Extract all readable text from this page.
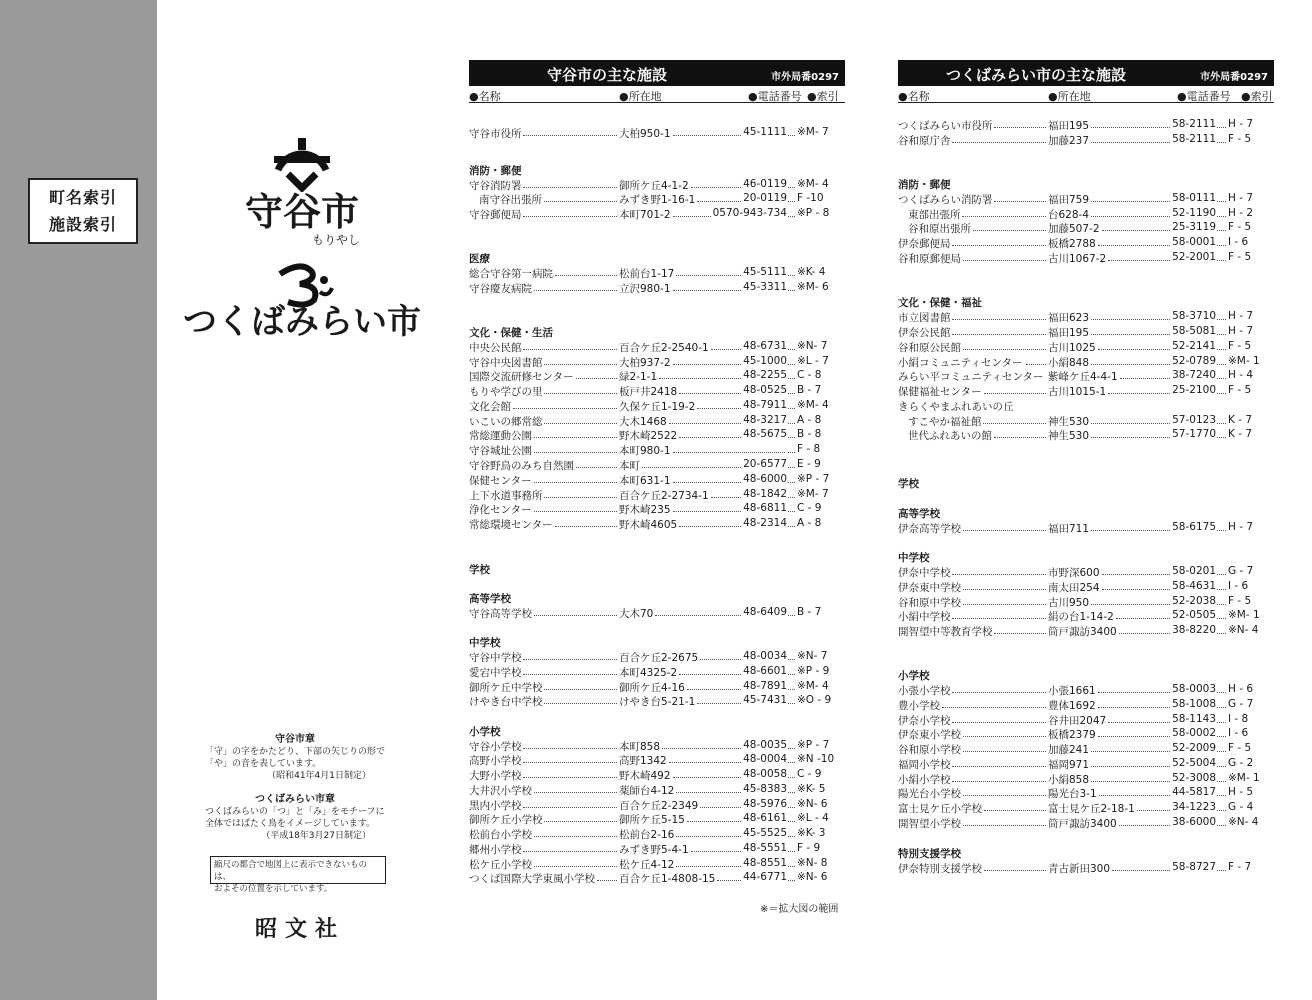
町名索引
施設索引	守谷市
もりやし
つくばみらい市

守谷市章

「守」の字をかたどり、下部の矢じりの形で

「や」の音を表しています。

（昭和41年4月1日制定）

つくばみらい市章

つくばみらいの「つ」と「み」をモチーフに

全体ではばたく鳥をイメージしています。

（平成18年3月27日制定）

縮尺の都合で地図上に表示できないものは、
およその位置を示しています。
昭文社
守谷市の主な施設	市外局番0297
●名称	●所在地	●電話番号 ●索引
守谷市役所	大柏950-1	45-1111 ※M- 7
消防・郵便
守谷消防署	御所ケ丘4-1-2	46-0119 ※M- 4
南守谷出張所	みずき野1-16-1	20-0119 F -10
守谷郵便局	本町701-2	0570-943-734 ※P - 8
医療
総合守谷第一病院	松前台1-17	45-5111 ※K- 4
守谷慶友病院	立沢980-1	45-3311 ※M- 6
文化・保健・生活
中央公民館	百合ケ丘2-2540-1	48-6731 ※N- 7
守谷中央図書館	大柏937-2	45-1000 ※L - 7
国際交流研修センター	緑2-1-1	48-2255 C - 8
もりや学びの里	板戸井2418	48-0525 B - 7
文化会館	久保ケ丘1-19-2	48-7911 ※M- 4
いこいの郷常総	大木1468	48-3217 A - 8
常総運動公園	野木崎2522	48-5675 B - 8
守谷城址公園	本町980-1	F - 8
守谷野鳥のみち自然園	本町	20-6577 E - 9
保健センター	本町631-1	48-6000 ※P - 7
上下水道事務所	百合ケ丘2-2734-1	48-1842 ※M- 7
浄化センター	野木崎235	48-6811 C - 9
常総環境センター	野木崎4605	48-2314 A - 8
学校
高等学校
守谷高等学校	大木70	48-6409 B - 7
中学校
守谷中学校	百合ケ丘2-2675	48-0034 ※N- 7
愛宕中学校	本町4325-2	48-6601 ※P - 9
御所ケ丘中学校	御所ケ丘4-16	48-7891 ※M- 4
けやき台中学校	けやき台5-21-1	45-7431 ※O - 9
小学校
守谷小学校	本町858	48-0035 ※P - 7
高野小学校	高野1342	48-0004 ※N -10
大野小学校	野木崎492	48-0058 C - 9
大井沢小学校	薬師台4-12	45-8383 ※K- 5
黒内小学校	百合ケ丘2-2349	48-5976 ※N- 6
御所ケ丘小学校	御所ケ丘5-15	48-6161 ※L - 4
松前台小学校	松前台2-16	45-5525 ※K- 3
郷州小学校	みずき野5-4-1	48-5551 F - 9
松ケ丘小学校	松ケ丘4-12	48-8551 ※N- 8
つくば国際大学東風小学校 百合ケ丘1-4808-15	44-6771 ※N- 6
つくばみらい市の主な施設	市外局番0297
●名称	●所在地	●電話番号 ●索引
つくばみらい市役所	福田195	58-2111 H - 7
谷和原庁舎	加藤237	58-2111 F - 5
消防・郵便
つくばみらい消防署	福田759	58-0111 H - 7
東部出張所	台628-4	52-1190 H - 2
谷和原出張所	加藤507-2	25-3119 F - 5
伊奈郵便局	板橋2788	58-0001 I - 6
谷和原郵便局	古川1067-2	52-2001 F - 5
文化・保健・福祉
市立図書館	福田623	58-3710 H - 7
伊奈公民館	福田195	58-5081 H - 7
谷和原公民館	古川1025	52-2141 F - 5
小絹コミュニティセンター 小絹848	52-0789 ※M- 1
みらい平コミュニティセンター 紫峰ケ丘4-4-1	38-7240 H - 4
保健福祉センター	古川1015-1	25-2100 F - 5
きらくやまふれあいの丘
すこやか福祉館	神生530	57-0123 K - 7
世代ふれあいの館	神生530	57-1770 K - 7
学校
高等学校
伊奈高等学校	福田711	58-6175 H - 7
中学校
伊奈中学校	市野深600	58-0201 G - 7
伊奈東中学校	南太田254	58-4631 I - 6
谷和原中学校	古川950	52-2038 F - 5
小絹中学校	絹の台1-14-2	52-0505 ※M- 1
開智望中等教育学校	筒戸諏訪3400	38-8220 ※N- 4
小学校
小張小学校	小張1661	58-0003 H - 6
豊小学校	豊体1692	58-1008 G - 7
伊奈小学校	谷井田2047	58-1143 I - 8
伊奈東小学校	板橋2379	58-0002 I - 6
谷和原小学校	加藤241	52-2009 F - 5
福岡小学校	福岡971	52-5004 G - 2
小絹小学校	小絹858	52-3008 ※M- 1
陽光台小学校	陽光台3-1	44-5817 H - 5
富士見ケ丘小学校	富士見ケ丘2-18-1	34-1223 G - 4
開智望小学校	筒戸諏訪3400	38-6000 ※N- 4
特別支援学校
伊奈特別支援学校	青古新田300	58-8727 F - 7
※＝拡大図の範囲
